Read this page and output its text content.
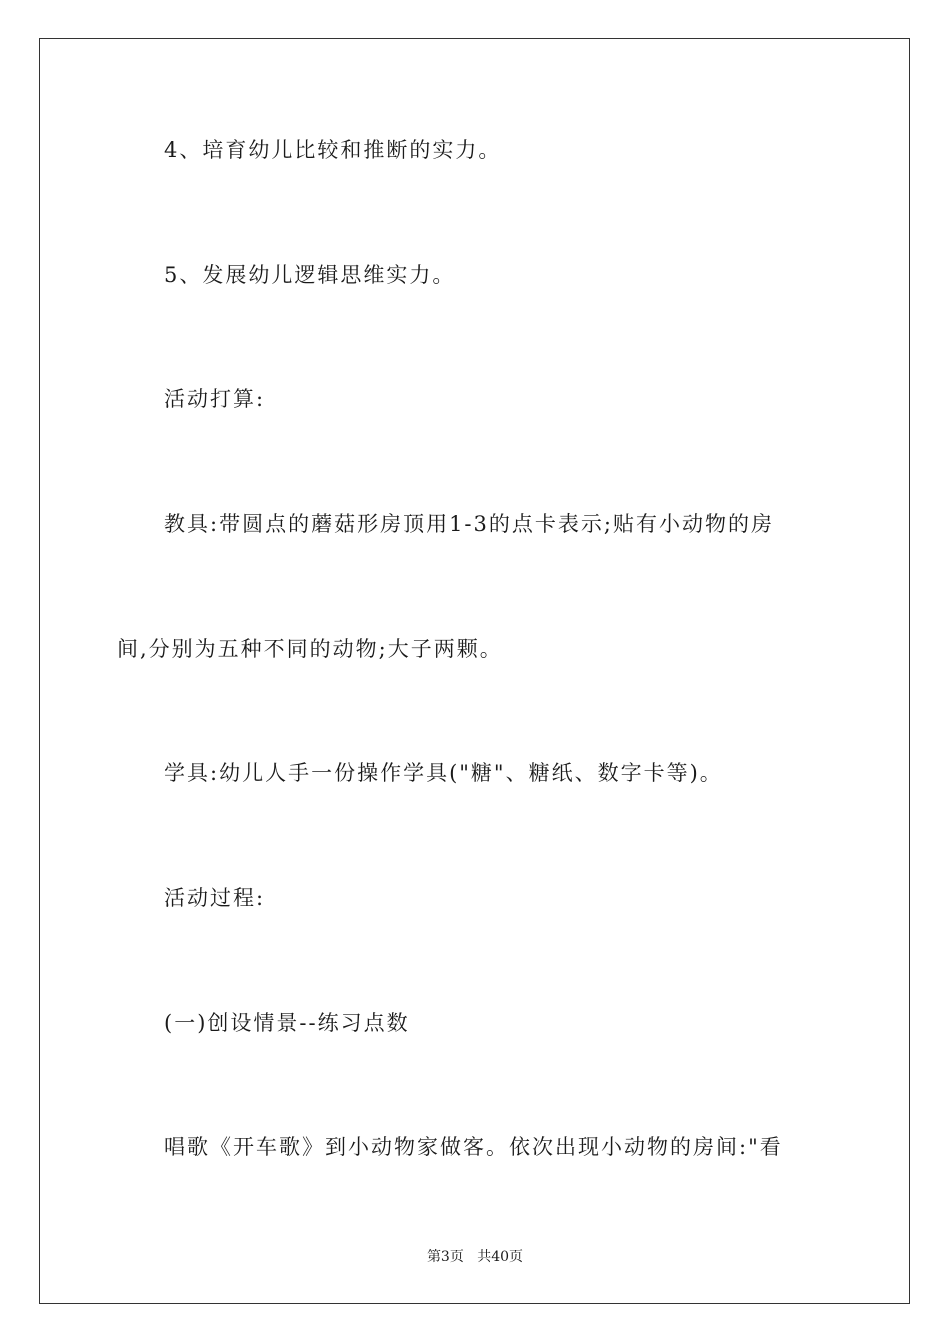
4、培育幼儿比较和推断的实力。
5、发展幼儿逻辑思维实力。
活动打算:
教具:带圆点的蘑菇形房顶用1-3的点卡表示;贴有小动物的房
间,分别为五种不同的动物;大子两颗。
学具:幼儿人手一份操作学具("糖"、糖纸、数字卡等)。
活动过程:
(一)创设情景--练习点数
唱歌《开车歌》到小动物家做客。依次出现小动物的房间:"看
第3页 共40页
